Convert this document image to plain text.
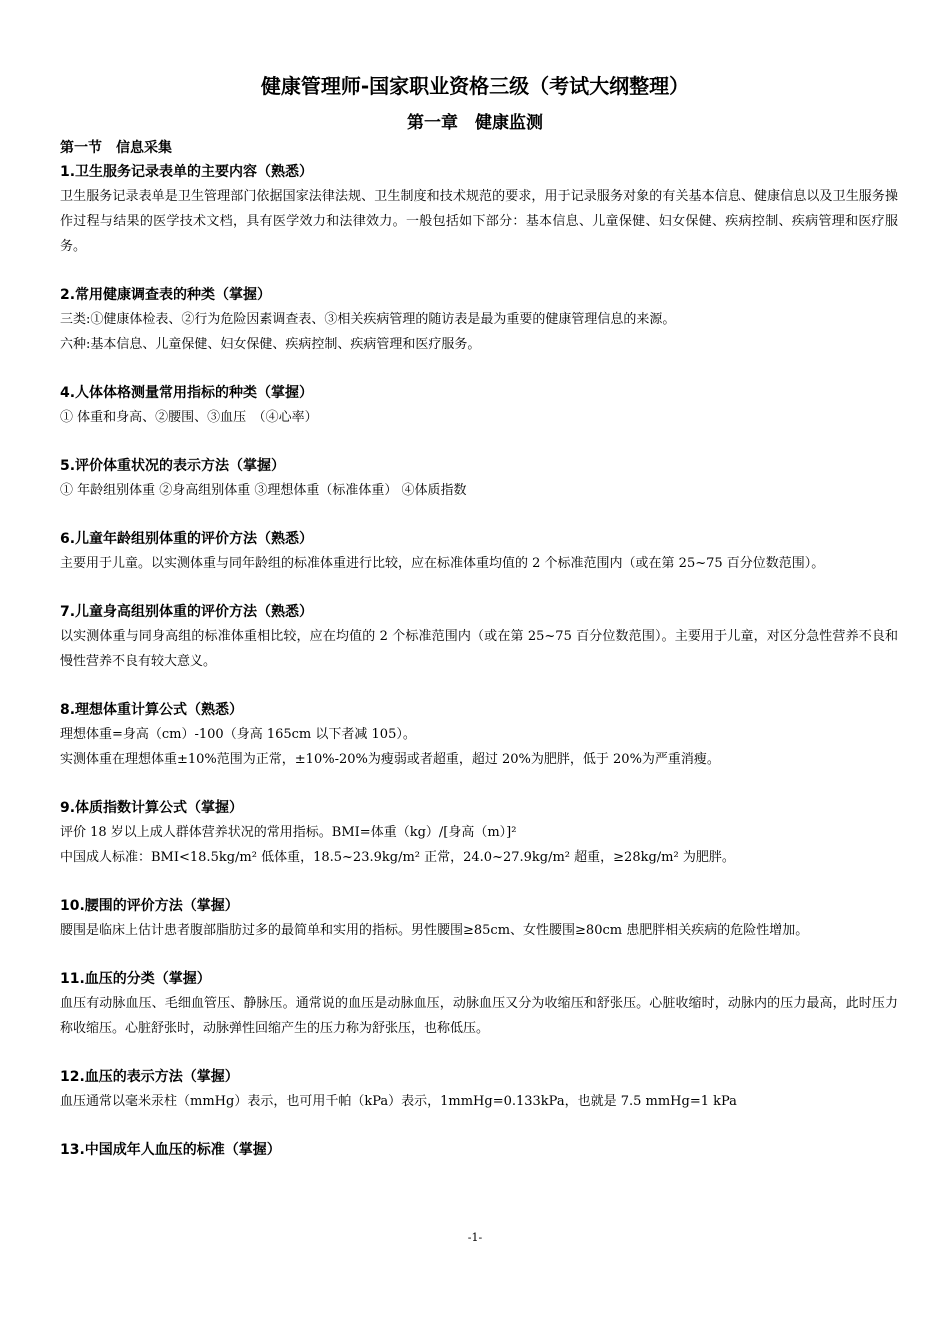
健康管理师-国家职业资格三级（考试大纲整理）
第一章　健康监测
第一节　信息采集
1.卫生服务记录表单的主要内容（熟悉）
卫生服务记录表单是卫生管理部门依据国家法律法规、卫生制度和技术规范的要求，用于记录服务对象的有关基本信息、健康信息以及卫生服务操作过程与结果的医学技术文档，具有医学效力和法律效力。一般包括如下部分：基本信息、儿童保健、妇女保健、疾病控制、疾病管理和医疗服务。
2.常用健康调查表的种类（掌握）
三类:①健康体检表、②行为危险因素调查表、③相关疾病管理的随访表是最为重要的健康管理信息的来源。
六种:基本信息、儿童保健、妇女保健、疾病控制、疾病管理和医疗服务。
4.人体体格测量常用指标的种类（掌握）
① 体重和身高、②腰围、③血压　（④心率）
5.评价体重状况的表示方法（掌握）
① 年龄组别体重 ②身高组别体重 ③理想体重（标准体重） ④体质指数
6.儿童年龄组别体重的评价方法（熟悉）
主要用于儿童。以实测体重与同年龄组的标准体重进行比较，应在标准体重均值的 2 个标准范围内（或在第 25~75 百分位数范围）。
7.儿童身高组别体重的评价方法（熟悉）
以实测体重与同身高组的标准体重相比较，应在均值的 2 个标准范围内（或在第 25~75 百分位数范围）。主要用于儿童，对区分急性营养不良和慢性营养不良有较大意义。
8.理想体重计算公式（熟悉）
理想体重=身高（cm）-100（身高 165cm 以下者减 105）。
实测体重在理想体重±10%范围为正常，±10%-20%为瘦弱或者超重，超过 20%为肥胖，低于 20%为严重消瘦。
9.体质指数计算公式（掌握）
评价 18 岁以上成人群体营养状况的常用指标。BMI=体重（kg）/[身高（m）]²
中国成人标准：BMI<18.5kg/m² 低体重，18.5~23.9kg/m² 正常，24.0~27.9kg/m² 超重，≥28kg/m² 为肥胖。
10.腰围的评价方法（掌握）
腰围是临床上估计患者腹部脂肪过多的最简单和实用的指标。男性腰围≥85cm、女性腰围≥80cm 患肥胖相关疾病的危险性增加。
11.血压的分类（掌握）
血压有动脉血压、毛细血管压、静脉压。通常说的血压是动脉血压，动脉血压又分为收缩压和舒张压。心脏收缩时，动脉内的压力最高，此时压力称收缩压。心脏舒张时，动脉弹性回缩产生的压力称为舒张压，也称低压。
12.血压的表示方法（掌握）
血压通常以毫米汞柱（mmHg）表示，也可用千帕（kPa）表示，1mmHg=0.133kPa，也就是 7.5 mmHg=1 kPa
13.中国成年人血压的标准（掌握）
-1-
